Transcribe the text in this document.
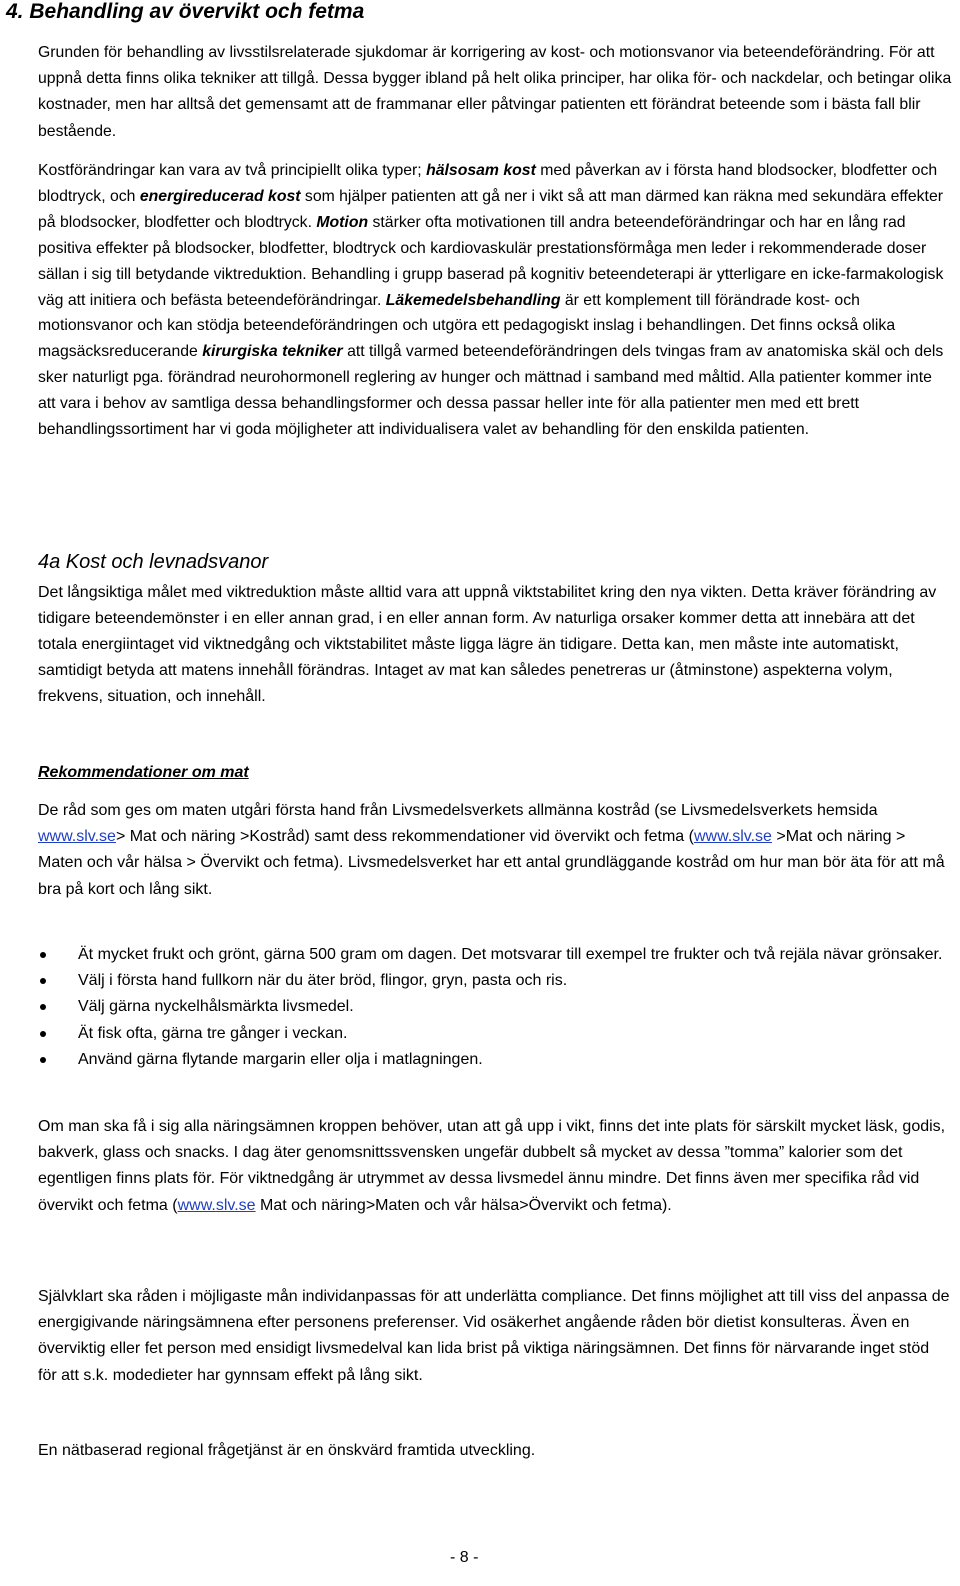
4. Behandling av övervikt och fetma

Grunden för behandling av livsstilsrelaterade sjukdomar är korrigering av kost- och motionsvanor via beteendeförändring. För att uppnå detta finns olika tekniker att tillgå. Dessa bygger ibland på helt olika principer, har olika för- och nackdelar, och betingar olika kostnader, men har alltså det gemensamt att de frammanar eller påtvingar patienten ett förändrat beteende som i bästa fall blir bestående.

Kostförändringar kan vara av två principiellt olika typer; hälsosam kost med påverkan av i första hand blodsocker, blodfetter och blodtryck, och energireducerad kost som hjälper patienten att gå ner i vikt så att man därmed kan räkna med sekundära effekter på blodsocker, blodfetter och blodtryck. Motion stärker ofta motivationen till andra beteendeförändringar och har en lång rad positiva effekter på blodsocker, blodfetter, blodtryck och kardiovaskulär prestationsförmåga men leder i rekommenderade doser sällan i sig till betydande viktreduktion. Behandling i grupp baserad på kognitiv beteendeterapi är ytterligare en icke-farmakologisk väg att initiera och befästa beteendeförändringar. Läkemedelsbehandling är ett komplement till förändrade kost- och motionsvanor och kan stödja beteendeförändringen och utgöra ett pedagogiskt inslag i behandlingen. Det finns också olika magsäcksreducerande kirurgiska tekniker att tillgå varmed beteendeförändringen dels tvingas fram av anatomiska skäl och dels sker naturligt pga. förändrad neurohormonell reglering av hunger och mättnad i samband med måltid. Alla patienter kommer inte att vara i behov av samtliga dessa behandlingsformer och dessa passar heller inte för alla patienter men med ett brett behandlingssortiment har vi goda möjligheter att individualisera valet av behandling för den enskilda patienten.

4a Kost och levnadsvanor

Det långsiktiga målet med viktreduktion måste alltid vara att uppnå viktstabilitet kring den nya vikten. Detta kräver förändring av tidigare beteendemönster i en eller annan grad, i en eller annan form. Av naturliga orsaker kommer detta att innebära att det totala energiintaget vid viktnedgång och viktstabilitet måste ligga lägre än tidigare. Detta kan, men måste inte automatiskt, samtidigt betyda att matens innehåll förändras. Intaget av mat kan således penetreras ur (åtminstone) aspekterna volym, frekvens, situation, och innehåll.

Rekommendationer om mat

De råd som ges om maten utgåri första hand från Livsmedelsverkets allmänna kostråd (se Livsmedelsverkets hemsida www.slv.se> Mat och näring >Kostråd) samt dess rekommendationer vid övervikt och fetma (www.slv.se >Mat och näring > Maten och vår hälsa > Övervikt och fetma). Livsmedelsverket har ett antal grundläggande kostråd om hur man bör äta för att må bra på kort och lång sikt.

Ät mycket frukt och grönt, gärna 500 gram om dagen. Det motsvarar till exempel tre frukter och två rejäla nävar grönsaker.
Välj i första hand fullkorn när du äter bröd, flingor, gryn, pasta och ris.
Välj gärna nyckelhålsmärkta livsmedel.
Ät fisk ofta, gärna tre gånger i veckan.
Använd gärna flytande margarin eller olja i matlagningen.

Om man ska få i sig alla näringsämnen kroppen behöver, utan att gå upp i vikt, finns det inte plats för särskilt mycket läsk, godis, bakverk, glass och snacks. I dag äter genomsnittssvensken ungefär dubbelt så mycket av dessa ”tomma” kalorier som det egentligen finns plats för. För viktnedgång är utrymmet av dessa livsmedel ännu mindre. Det finns även mer specifika råd vid övervikt och fetma (www.slv.se Mat och näring>Maten och vår hälsa>Övervikt och fetma).

Självklart ska råden i möjligaste mån individanpassas för att underlätta compliance. Det finns möjlighet att till viss del anpassa de energigivande näringsämnena efter personens preferenser. Vid osäkerhet angående råden bör dietist konsulteras. Även en överviktig eller fet person med ensidigt livsmedelval kan lida brist på viktiga näringsämnen. Det finns för närvarande inget stöd för att s.k. modedieter har gynnsam effekt på lång sikt.

En nätbaserad regional frågetjänst är en önskvärd framtida utveckling.

- 8 -
